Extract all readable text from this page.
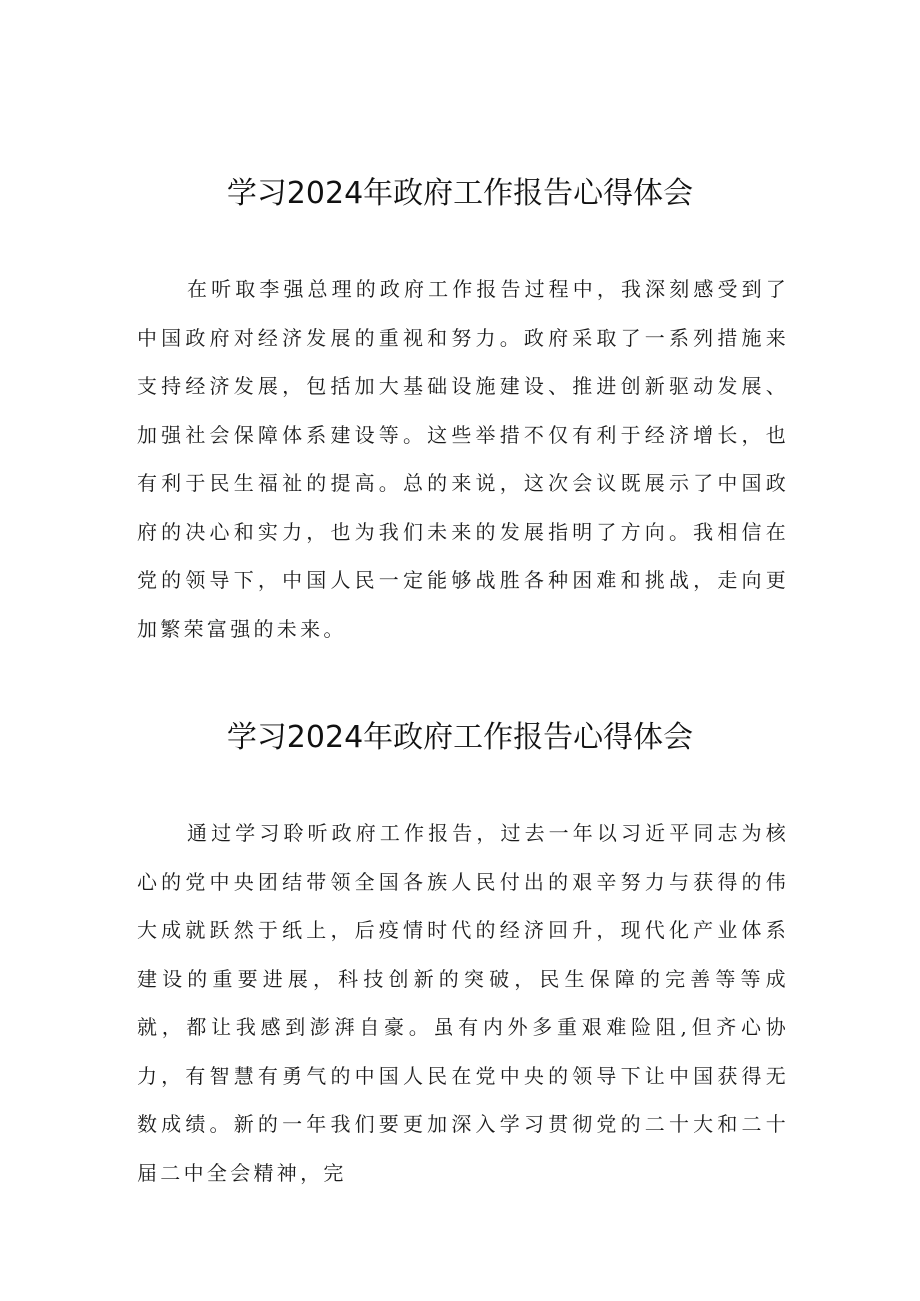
学习2024年政府工作报告心得体会

在听取李强总理的政府工作报告过程中，我深刻感受到了中国政府对经济发展的重视和努力。政府采取了一系列措施来支持经济发展，包括加大基础设施建设、推进创新驱动发展、加强社会保障体系建设等。这些举措不仅有利于经济增长，也有利于民生福祉的提高。总的来说，这次会议既展示了中国政府的决心和实力，也为我们未来的发展指明了方向。我相信在党的领导下，中国人民一定能够战胜各种困难和挑战，走向更加繁荣富强的未来。

学习2024年政府工作报告心得体会

通过学习聆听政府工作报告，过去一年以习近平同志为核心的党中央团结带领全国各族人民付出的艰辛努力与获得的伟大成就跃然于纸上，后疫情时代的经济回升，现代化产业体系建设的重要进展，科技创新的突破，民生保障的完善等等成就，都让我感到澎湃自豪。虽有内外多重艰难险阻,但齐心协力，有智慧有勇气的中国人民在党中央的领导下让中国获得无数成绩。新的一年我们要更加深入学习贯彻党的二十大和二十届二中全会精神，完
